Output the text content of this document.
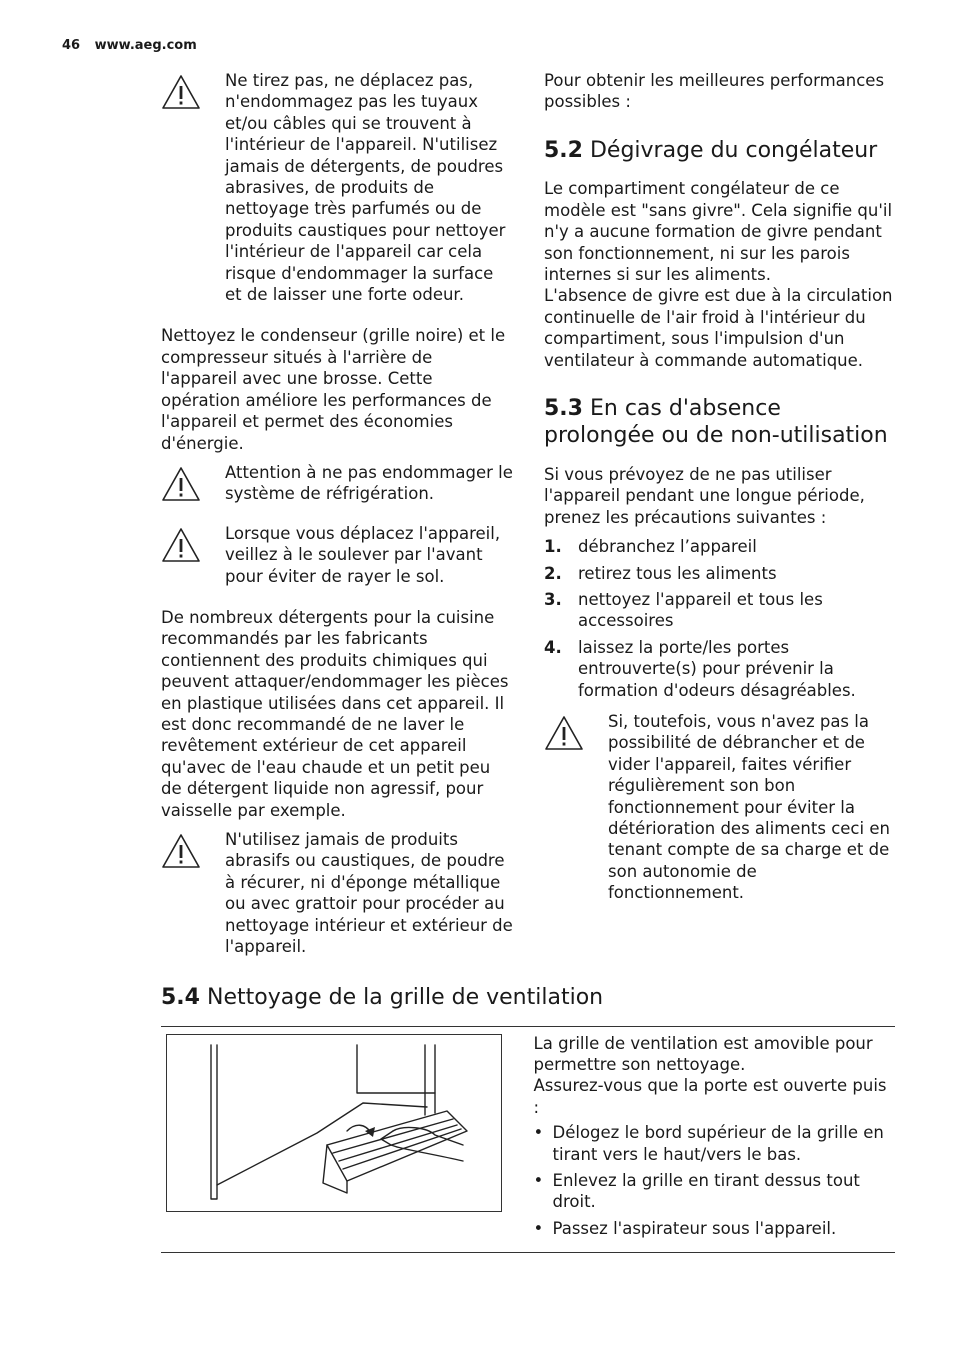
46 www.aeg.com

Ne tirez pas, ne déplacez pas, n'endommagez pas les tuyaux et/ou câbles qui se trouvent à l'intérieur de l'appareil. N'utilisez jamais de détergents, de poudres abrasives, de produits de nettoyage très parfumés ou de produits caustiques pour nettoyer l'intérieur de l'appareil car cela risque d'endommager la surface et de laisser une forte odeur.

Nettoyez le condenseur (grille noire) et le compresseur situés à l'arrière de l'appareil avec une brosse. Cette opération améliore les performances de l'appareil et permet des économies d'énergie.

Attention à ne pas endommager le système de réfrigération.

Lorsque vous déplacez l'appareil, veillez à le soulever par l'avant pour éviter de rayer le sol.

De nombreux détergents pour la cuisine recommandés par les fabricants contiennent des produits chimiques qui peuvent attaquer/endommager les pièces en plastique utilisées dans cet appareil. Il est donc recommandé de ne laver le revêtement extérieur de cet appareil qu'avec de l'eau chaude et un petit peu de détergent liquide non agressif, pour vaisselle par exemple.

N'utilisez jamais de produits abrasifs ou caustiques, de poudre à récurer, ni d'éponge métallique ou avec grattoir pour procéder au nettoyage intérieur et extérieur de l'appareil.

Pour obtenir les meilleures performances possibles :

5.2 Dégivrage du congélateur

Le compartiment congélateur de ce modèle est "sans givre". Cela signifie qu'il n'y a aucune formation de givre pendant son fonctionnement, ni sur les parois internes si sur les aliments.

L'absence de givre est due à la circulation continuelle de l'air froid à l'intérieur du compartiment, sous l'impulsion d'un ventilateur à commande automatique.

5.3 En cas d'absence prolongée ou de non-utilisation

Si vous prévoyez de ne pas utiliser l'appareil pendant une longue période, prenez les précautions suivantes :

1. débranchez l’appareil
2. retirez tous les aliments
3. nettoyez l'appareil et tous les accessoires
4. laissez la porte/les portes entrouverte(s) pour prévenir la formation d'odeurs désagréables.

Si, toutefois, vous n'avez pas la possibilité de débrancher et de vider l'appareil, faites vérifier régulièrement son bon fonctionnement pour éviter la détérioration des aliments ceci en tenant compte de sa charge et de son autonomie de fonctionnement.

5.4 Nettoyage de la grille de ventilation

La grille de ventilation est amovible pour permettre son nettoyage.

Assurez-vous que la porte est ouverte puis :

• Délogez le bord supérieur de la grille en tirant vers le haut/vers le bas.
• Enlevez la grille en tirant dessus tout droit.
• Passez l'aspirateur sous l'appareil.
